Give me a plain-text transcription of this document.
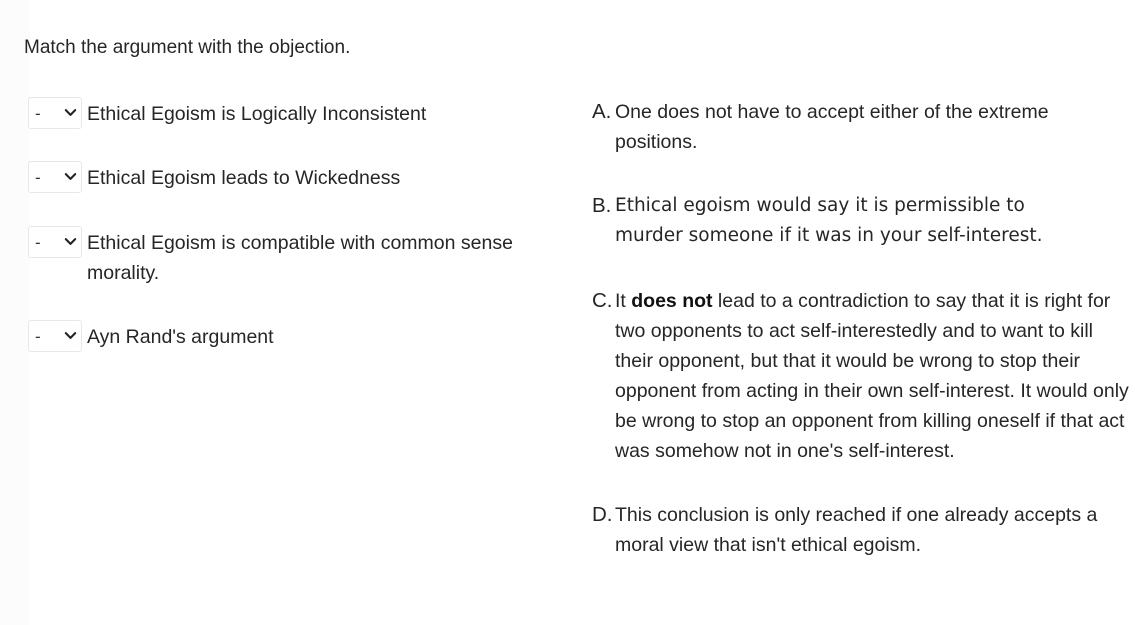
Match the argument with the objection.
- Ethical Egoism is Logically Inconsistent
- Ethical Egoism leads to Wickedness
- Ethical Egoism is compatible with common sense morality.
- Ayn Rand's argument
A. One does not have to accept either of the extreme positions.
B. Ethical egoism would say it is permissible to murder someone if it was in your self-interest.
C. It does not lead to a contradiction to say that it is right for two opponents to act self-interestedly and to want to kill their opponent, but that it would be wrong to stop their opponent from acting in their own self-interest. It would only be wrong to stop an opponent from killing oneself if that act was somehow not in one's self-interest.
D. This conclusion is only reached if one already accepts a moral view that isn't ethical egoism.
